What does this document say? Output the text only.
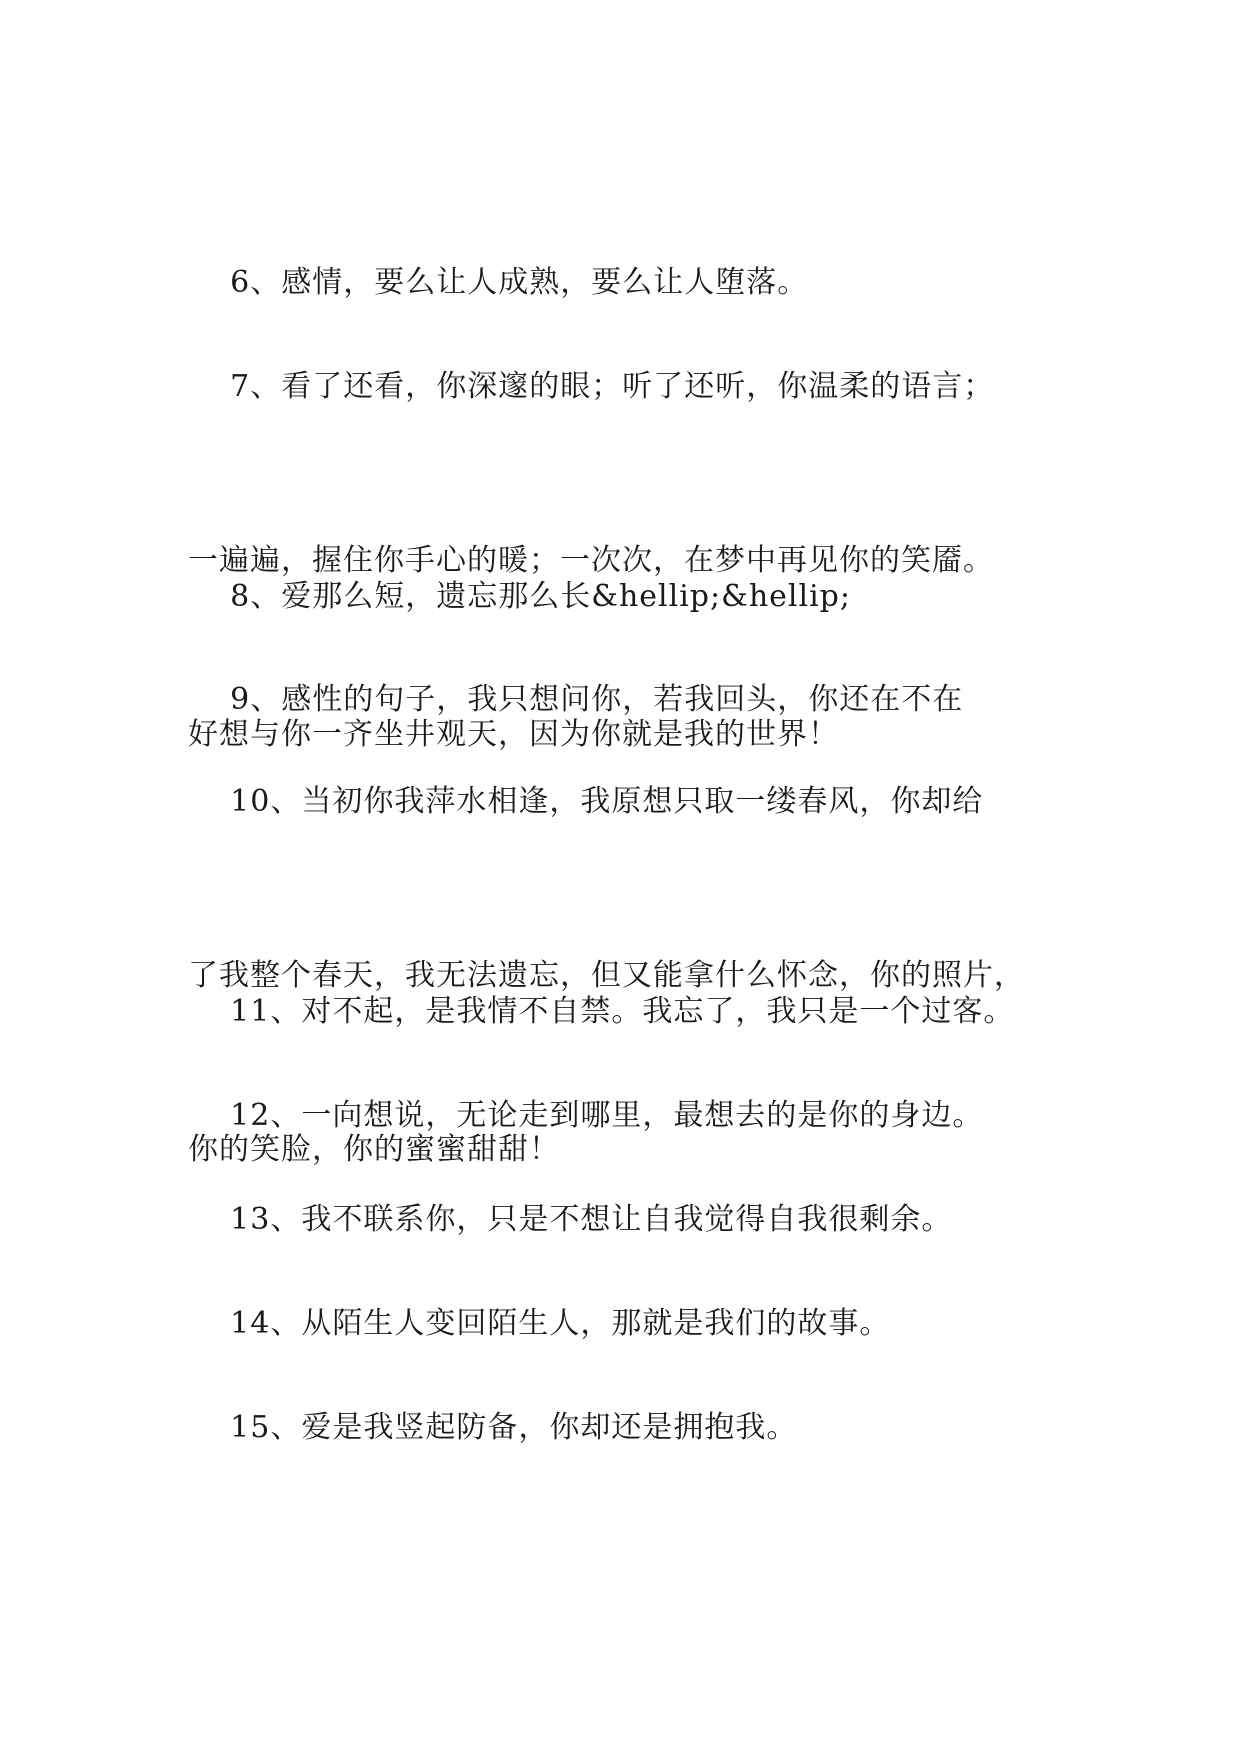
6、感情，要么让人成熟，要么让人堕落。

7、看了还看，你深邃的眼；听了还听，你温柔的语言；

一遍遍，握住你手心的暖；一次次，在梦中再见你的笑靥。

好想与你一齐坐井观天，因为你就是我的世界！

8、爱那么短，遗忘那么长&hellip;&hellip;

9、感性的句子，我只想问你，若我回头，你还在不在

10、当初你我萍水相逢，我原想只取一缕春风，你却给

了我整个春天，我无法遗忘，但又能拿什么怀念，你的照片，

你的笑脸，你的蜜蜜甜甜！

11、对不起，是我情不自禁。我忘了，我只是一个过客。

12、一向想说，无论走到哪里，最想去的是你的身边。

13、我不联系你，只是不想让自我觉得自我很剩余。

14、从陌生人变回陌生人，那就是我们的故事。

15、爱是我竖起防备，你却还是拥抱我。
